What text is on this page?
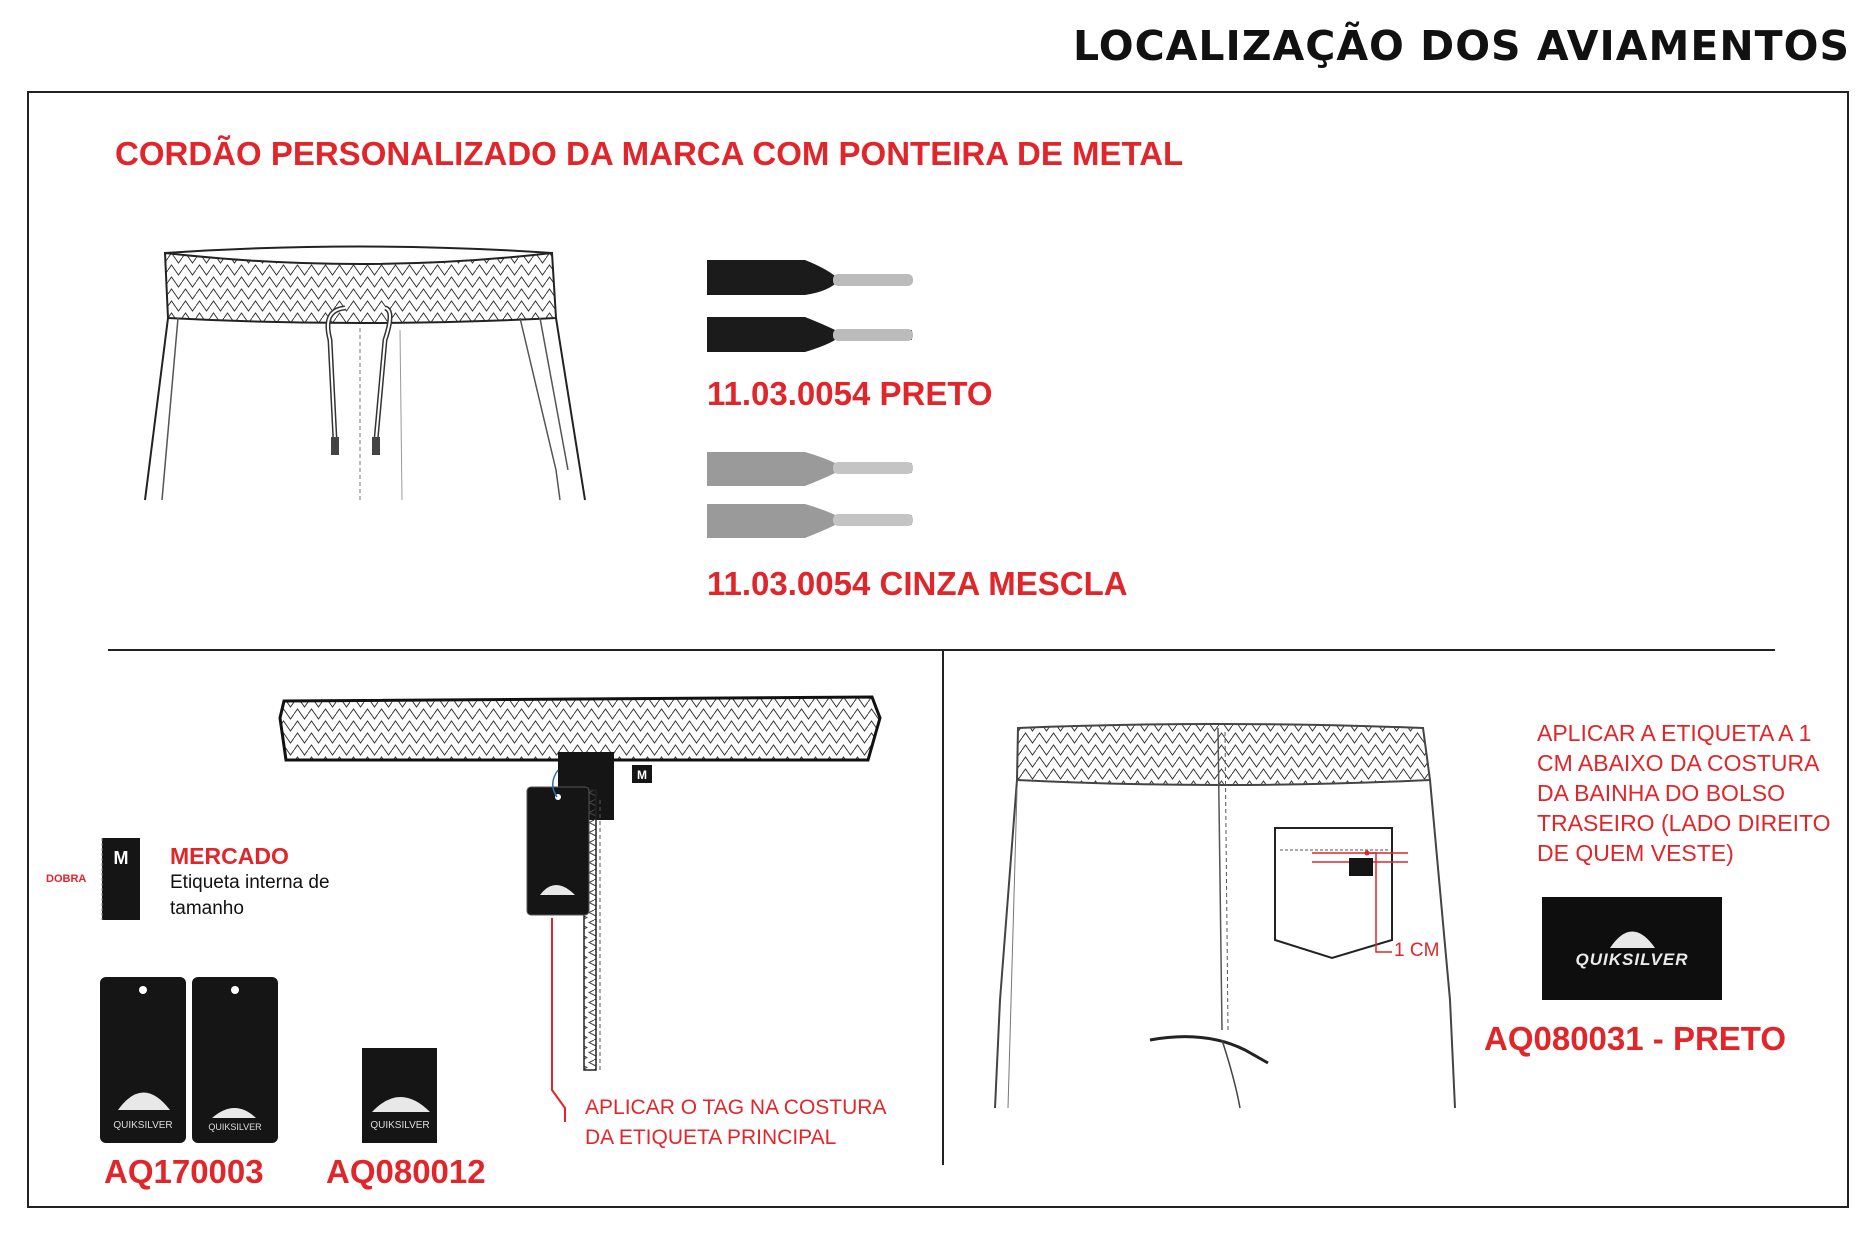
LOCALIZAÇÃO DOS AVIAMENTOS
M
QUIKSILVER	QUIKSILVER	QUIKSILVER
CORDÃO PERSONALIZADO DA MARCA COM PONTEIRA DE METAL
11.03.0054 PRETO
11.03.0054 CINZA MESCLA
DOBRA
M	MERCADO
Etiqueta interna de tamanho
AQ170003 AQ080012
APLICAR O TAG NA COSTURA DA ETIQUETA PRINCIPAL
APLICAR A ETIQUETA A 1 CM ABAIXO DA COSTURA DA BAINHA DO BOLSO TRASEIRO (LADO DIREITO DE QUEM VESTE)
1 CM	QUIKSILVER
AQ080031 - PRETO
